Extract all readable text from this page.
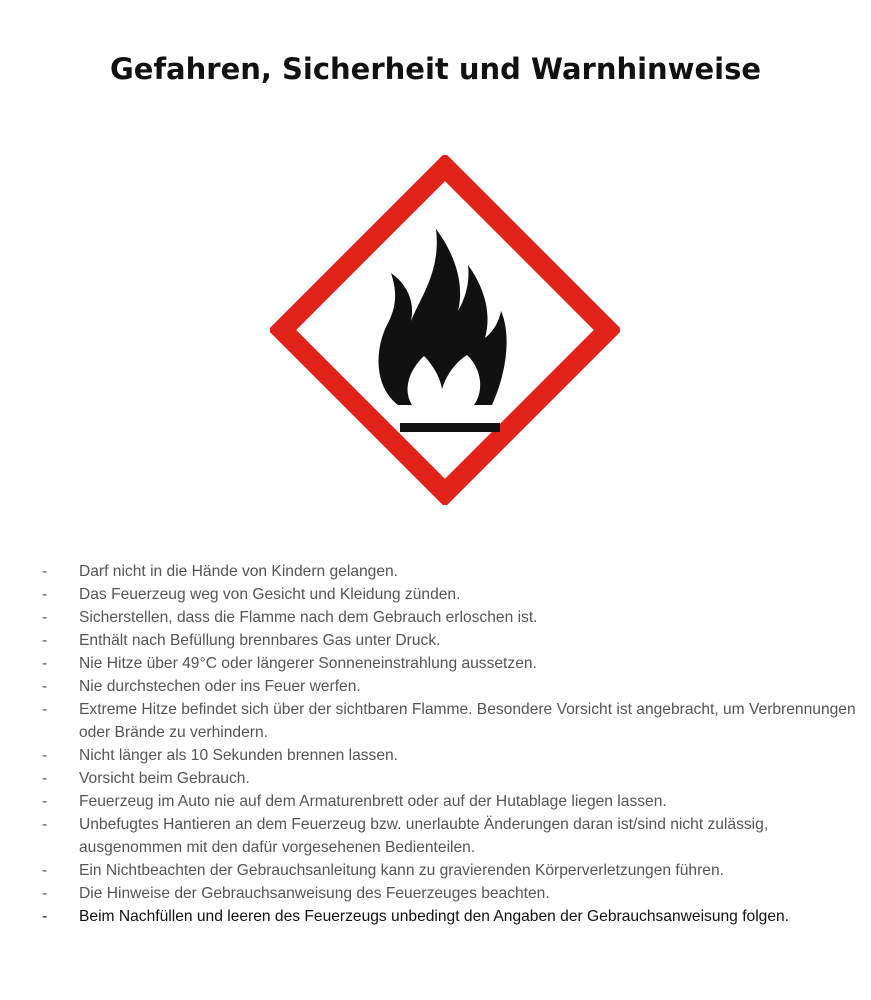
Gefahren, Sicherheit und Warnhinweise
- Darf nicht in die Hände von Kindern gelangen.
- Das Feuerzeug weg von Gesicht und Kleidung zünden.
- Sicherstellen, dass die Flamme nach dem Gebrauch erloschen ist.
- Enthält nach Befüllung brennbares Gas unter Druck.
- Nie Hitze über 49°C oder längerer Sonneneinstrahlung aussetzen.
- Nie durchstechen oder ins Feuer werfen.
- Extreme Hitze befindet sich über der sichtbaren Flamme. Besondere Vorsicht ist angebracht, um Verbrennungen oder Brände zu verhindern.
- Nicht länger als 10 Sekunden brennen lassen.
- Vorsicht beim Gebrauch.
- Feuerzeug im Auto nie auf dem Armaturenbrett oder auf der Hutablage liegen lassen.
- Unbefugtes Hantieren an dem Feuerzeug bzw. unerlaubte Änderungen daran ist/sind nicht zulässig, ausgenommen mit den dafür vorgesehenen Bedienteilen.
- Ein Nichtbeachten der Gebrauchsanleitung kann zu gravierenden Körperverletzungen führen.
- Die Hinweise der Gebrauchsanweisung des Feuerzeuges beachten.
- Beim Nachfüllen und leeren des Feuerzeugs unbedingt den Angaben der Gebrauchsanweisung folgen.
